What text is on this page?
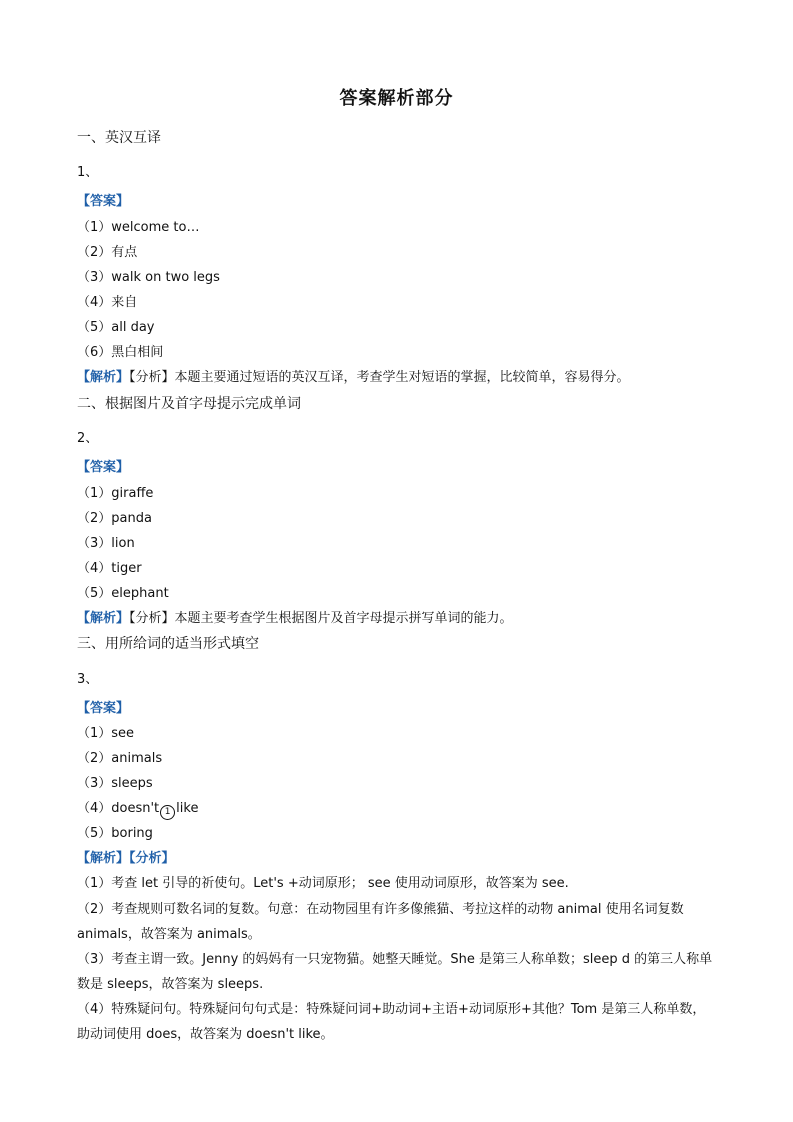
答案解析部分
一、英汉互译
1、
【答案】
（1）welcome to…
（2）有点
（3）walk on two legs
（4）来自
（5）all day
（6）黑白相间
【解析】【分析】本题主要通过短语的英汉互译，考查学生对短语的掌握，比较简单，容易得分。
二、根据图片及首字母提示完成单词
2、
【答案】
（1）giraffe
（2）panda
（3）lion
（4）tiger
（5）elephant
【解析】【分析】本题主要考查学生根据图片及首字母提示拼写单词的能力。
三、用所给词的适当形式填空
3、
【答案】
（1）see
（2）animals
（3）sleeps
（4）doesn't 1 like
（5）boring
【解析】【分析】
（1）考查 let 引导的祈使句。Let's +动词原形； see 使用动词原形，故答案为 see.
（2）考查规则可数名词的复数。句意：在动物园里有许多像熊猫、考拉这样的动物 animal 使用名词复数 animals，故答案为 animals。
（3）考查主谓一致。Jenny 的妈妈有一只宠物猫。她整天睡觉。She 是第三人称单数；sleep d 的第三人称单数是 sleeps，故答案为 sleeps.
（4）特殊疑问句。特殊疑问句句式是：特殊疑问词+助动词+主语+动词原形+其他？Tom 是第三人称单数，助动词使用 does，故答案为 doesn't like。
